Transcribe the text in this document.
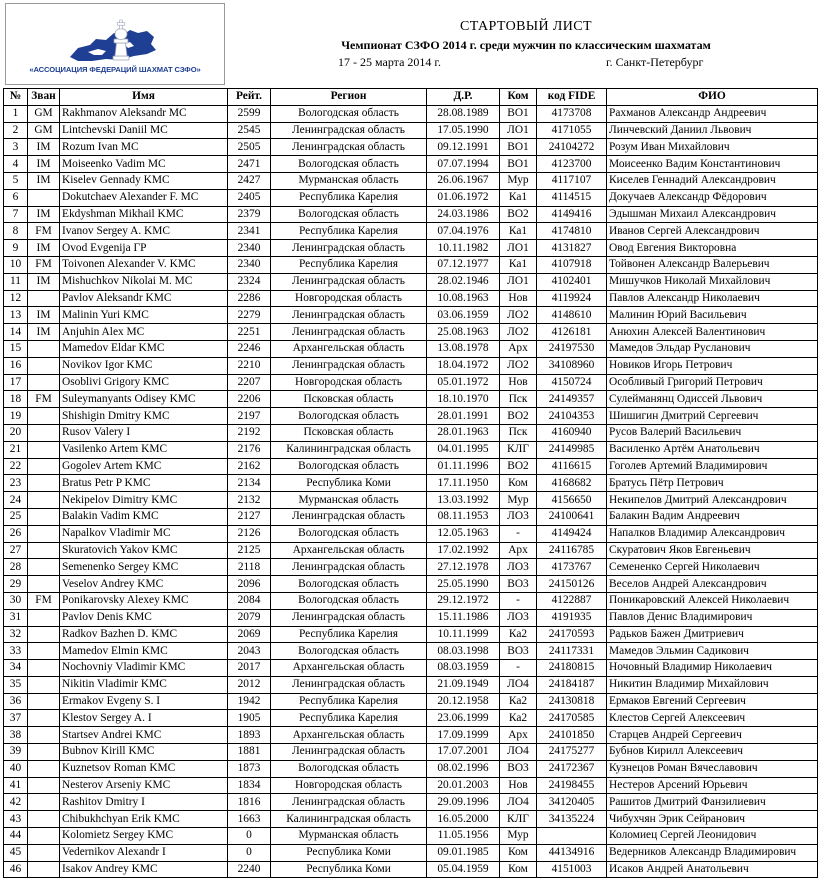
«АССОЦИАЦИЯ ФЕДЕРАЦИЙ ШАХМАТ СЗФО»
СТАРТОВЫЙ ЛИСТ
Чемпионат СЗФО 2014 г. среди мужчин по классическим шахматам
17 - 25 марта 2014 г.	г. Санкт-Петербург
№	Зван	Имя	Рейт.	Регион	Д.Р.	Ком	код FIDE	ФИО
1	GM	Rakhmanov Aleksandr MC	2599	Вологодская область	28.08.1989	ВО1	4173708	Рахманов Александр Андреевич
2	GM	Lintchevski Daniil MC	2545	Ленинградская область	17.05.1990	ЛО1	4171055	Линчевский Даниил Львович
3	IM	Rozum Ivan MC	2505	Ленинградская область	09.12.1991	ВО1	24104272	Розум Иван Михайлович
4	IM	Moiseenko Vadim MC	2471	Вологодская область	07.07.1994	ВО1	4123700	Моисеенко Вадим Константинович
5	IM	Kiselev Gennady KMC	2427	Мурманская область	26.06.1967	Мур	4117107	Киселев Геннадий Александрович
6		Dokutchaev Alexander F. MC	2405	Республика Карелия	01.06.1972	Ка1	4114515	Докучаев Александр Фёдорович
7	IM	Ekdyshman Mikhail KMC	2379	Вологодская область	24.03.1986	ВО2	4149416	Эдышман Михаил Александрович
8	FM	Ivanov Sergey A. KMC	2341	Республика Карелия	07.04.1976	Ка1	4174810	Иванов Сергей Александрович
9	IM	Ovod Evgenija ГР	2340	Ленинградская область	10.11.1982	ЛО1	4131827	Овод Евгения Викторовна
10	FM	Toivonen Alexander V. KMC	2340	Республика Карелия	07.12.1977	Ка1	4107918	Тойвонен Александр Валерьевич
11	IM	Mishuchkov Nikolai M. MC	2324	Ленинградская область	28.02.1946	ЛО1	4102401	Мишучков Николай Михайлович
12		Pavlov Aleksandr KMC	2286	Новгородская область	10.08.1963	Нов	4119924	Павлов Александр Николаевич
13	IM	Malinin Yuri KMC	2279	Ленинградская область	03.06.1959	ЛО2	4148610	Малинин Юрий Васильевич
14	IM	Anjuhin Alex MC	2251	Ленинградская область	25.08.1963	ЛО2	4126181	Анюхин Алексей Валентинович
15		Mamedov Eldar KMC	2246	Архангельская область	13.08.1978	Арх	24197530	Мамедов Эльдар Русланович
16		Novikov Igor KMC	2210	Ленинградская область	18.04.1972	ЛО2	34108960	Новиков Игорь Петрович
17		Osoblivi Grigory KMC	2207	Новгородская область	05.01.1972	Нов	4150724	Особливый Григорий Петрович
18	FM	Suleymanyants Odisey KMC	2206	Псковская область	18.10.1970	Пск	24149357	Сулейманянц Одиссей Львович
19		Shishigin Dmitry KMC	2197	Вологодская область	28.01.1991	ВО2	24104353	Шишигин Дмитрий Сергеевич
20		Rusov Valery I	2192	Псковская область	28.01.1963	Пск	4160940	Русов Валерий Васильевич
21		Vasilenko Artem KMC	2176	Калининградская область	04.01.1995	КЛГ	24149985	Василенко Артём Анатольевич
22		Gogolev Artem KMC	2162	Вологодская область	01.11.1996	ВО2	4116615	Гоголев Артемий Владимирович
23		Bratus Petr P KMC	2134	Республика Коми	17.11.1950	Ком	4168682	Братусь Пётр Петрович
24		Nekipelov Dimitry KMC	2132	Мурманская область	13.03.1992	Мур	4156650	Некипелов Дмитрий Александрович
25		Balakin Vadim KMC	2127	Ленинградская область	08.11.1953	ЛО3	24100641	Балакин Вадим Андреевич
26		Napalkov Vladimir MC	2126	Вологодская область	12.05.1963	-	4149424	Напалков Владимир Александрович
27		Skuratovich Yakov KMC	2125	Архангельская область	17.02.1992	Арх	24116785	Скуратович Яков Евгеньевич
28		Semenenko Sergey KMC	2118	Ленинградская область	27.12.1978	ЛО3	4173767	Семененко Сергей Николаевич
29		Veselov Andrey KMC	2096	Вологодская область	25.05.1990	ВО3	24150126	Веселов Андрей Александрович
30	FM	Ponikarovsky Alexey KMC	2084	Вологодская область	29.12.1972	-	4122887	Поникаровский Алексей Николаевич
31		Pavlov Denis KMC	2079	Ленинградская область	15.11.1986	ЛО3	4191935	Павлов Денис Владимирович
32		Radkov Bazhen D. KMC	2069	Республика Карелия	10.11.1999	Ка2	24170593	Радьков Бажен Дмитриевич
33		Mamedov Elmin KMC	2043	Вологодская область	08.03.1998	ВО3	24117331	Мамедов Эльмин Садикович
34		Nochovniy Vladimir KMC	2017	Архангельская область	08.03.1959	-	24180815	Ночовный Владимир Николаевич
35		Nikitin Vladimir KMC	2012	Ленинградская область	21.09.1949	ЛО4	24184187	Никитин Владимир Михайлович
36		Ermakov Evgeny S. I	1942	Республика Карелия	20.12.1958	Ка2	24130818	Ермаков Евгений Сергеевич
37		Klestov Sergey A. I	1905	Республика Карелия	23.06.1999	Ка2	24170585	Клестов Сергей Алексеевич
38		Startsev Andrei KMC	1893	Архангельская область	17.09.1999	Арх	24101850	Старцев Андрей Сергеевич
39		Bubnov Kirill KMC	1881	Ленинградская область	17.07.2001	ЛО4	24175277	Бубнов Кирилл Алексеевич
40		Kuznetsov Roman KMC	1873	Вологодская область	08.02.1996	ВО3	24172367	Кузнецов Роман Вячеславович
41		Nesterov Arseniy KMC	1834	Новгородская область	20.01.2003	Нов	24198455	Нестеров Арсений Юрьевич
42		Rashitov Dmitry I	1816	Ленинградская область	29.09.1996	ЛО4	34120405	Рашитов Дмитрий Фанзилиевич
43		Chibukhchyan Erik KMC	1663	Калининградская область	16.05.2000	КЛГ	34135224	Чибухчян Эрик Сейранович
44		Kolomietz Sergey KMC	0	Мурманская область	11.05.1956	Мур		Коломиец Сергей Леонидович
45		Vedernikov Alexandr I	0	Республика Коми	09.01.1985	Ком	44134916	Ведерников Александр Владимирович
46		Isakov Andrey KMC	2240	Республика Коми	05.04.1959	Ком	4151003	Исаков Андрей Анатольевич
